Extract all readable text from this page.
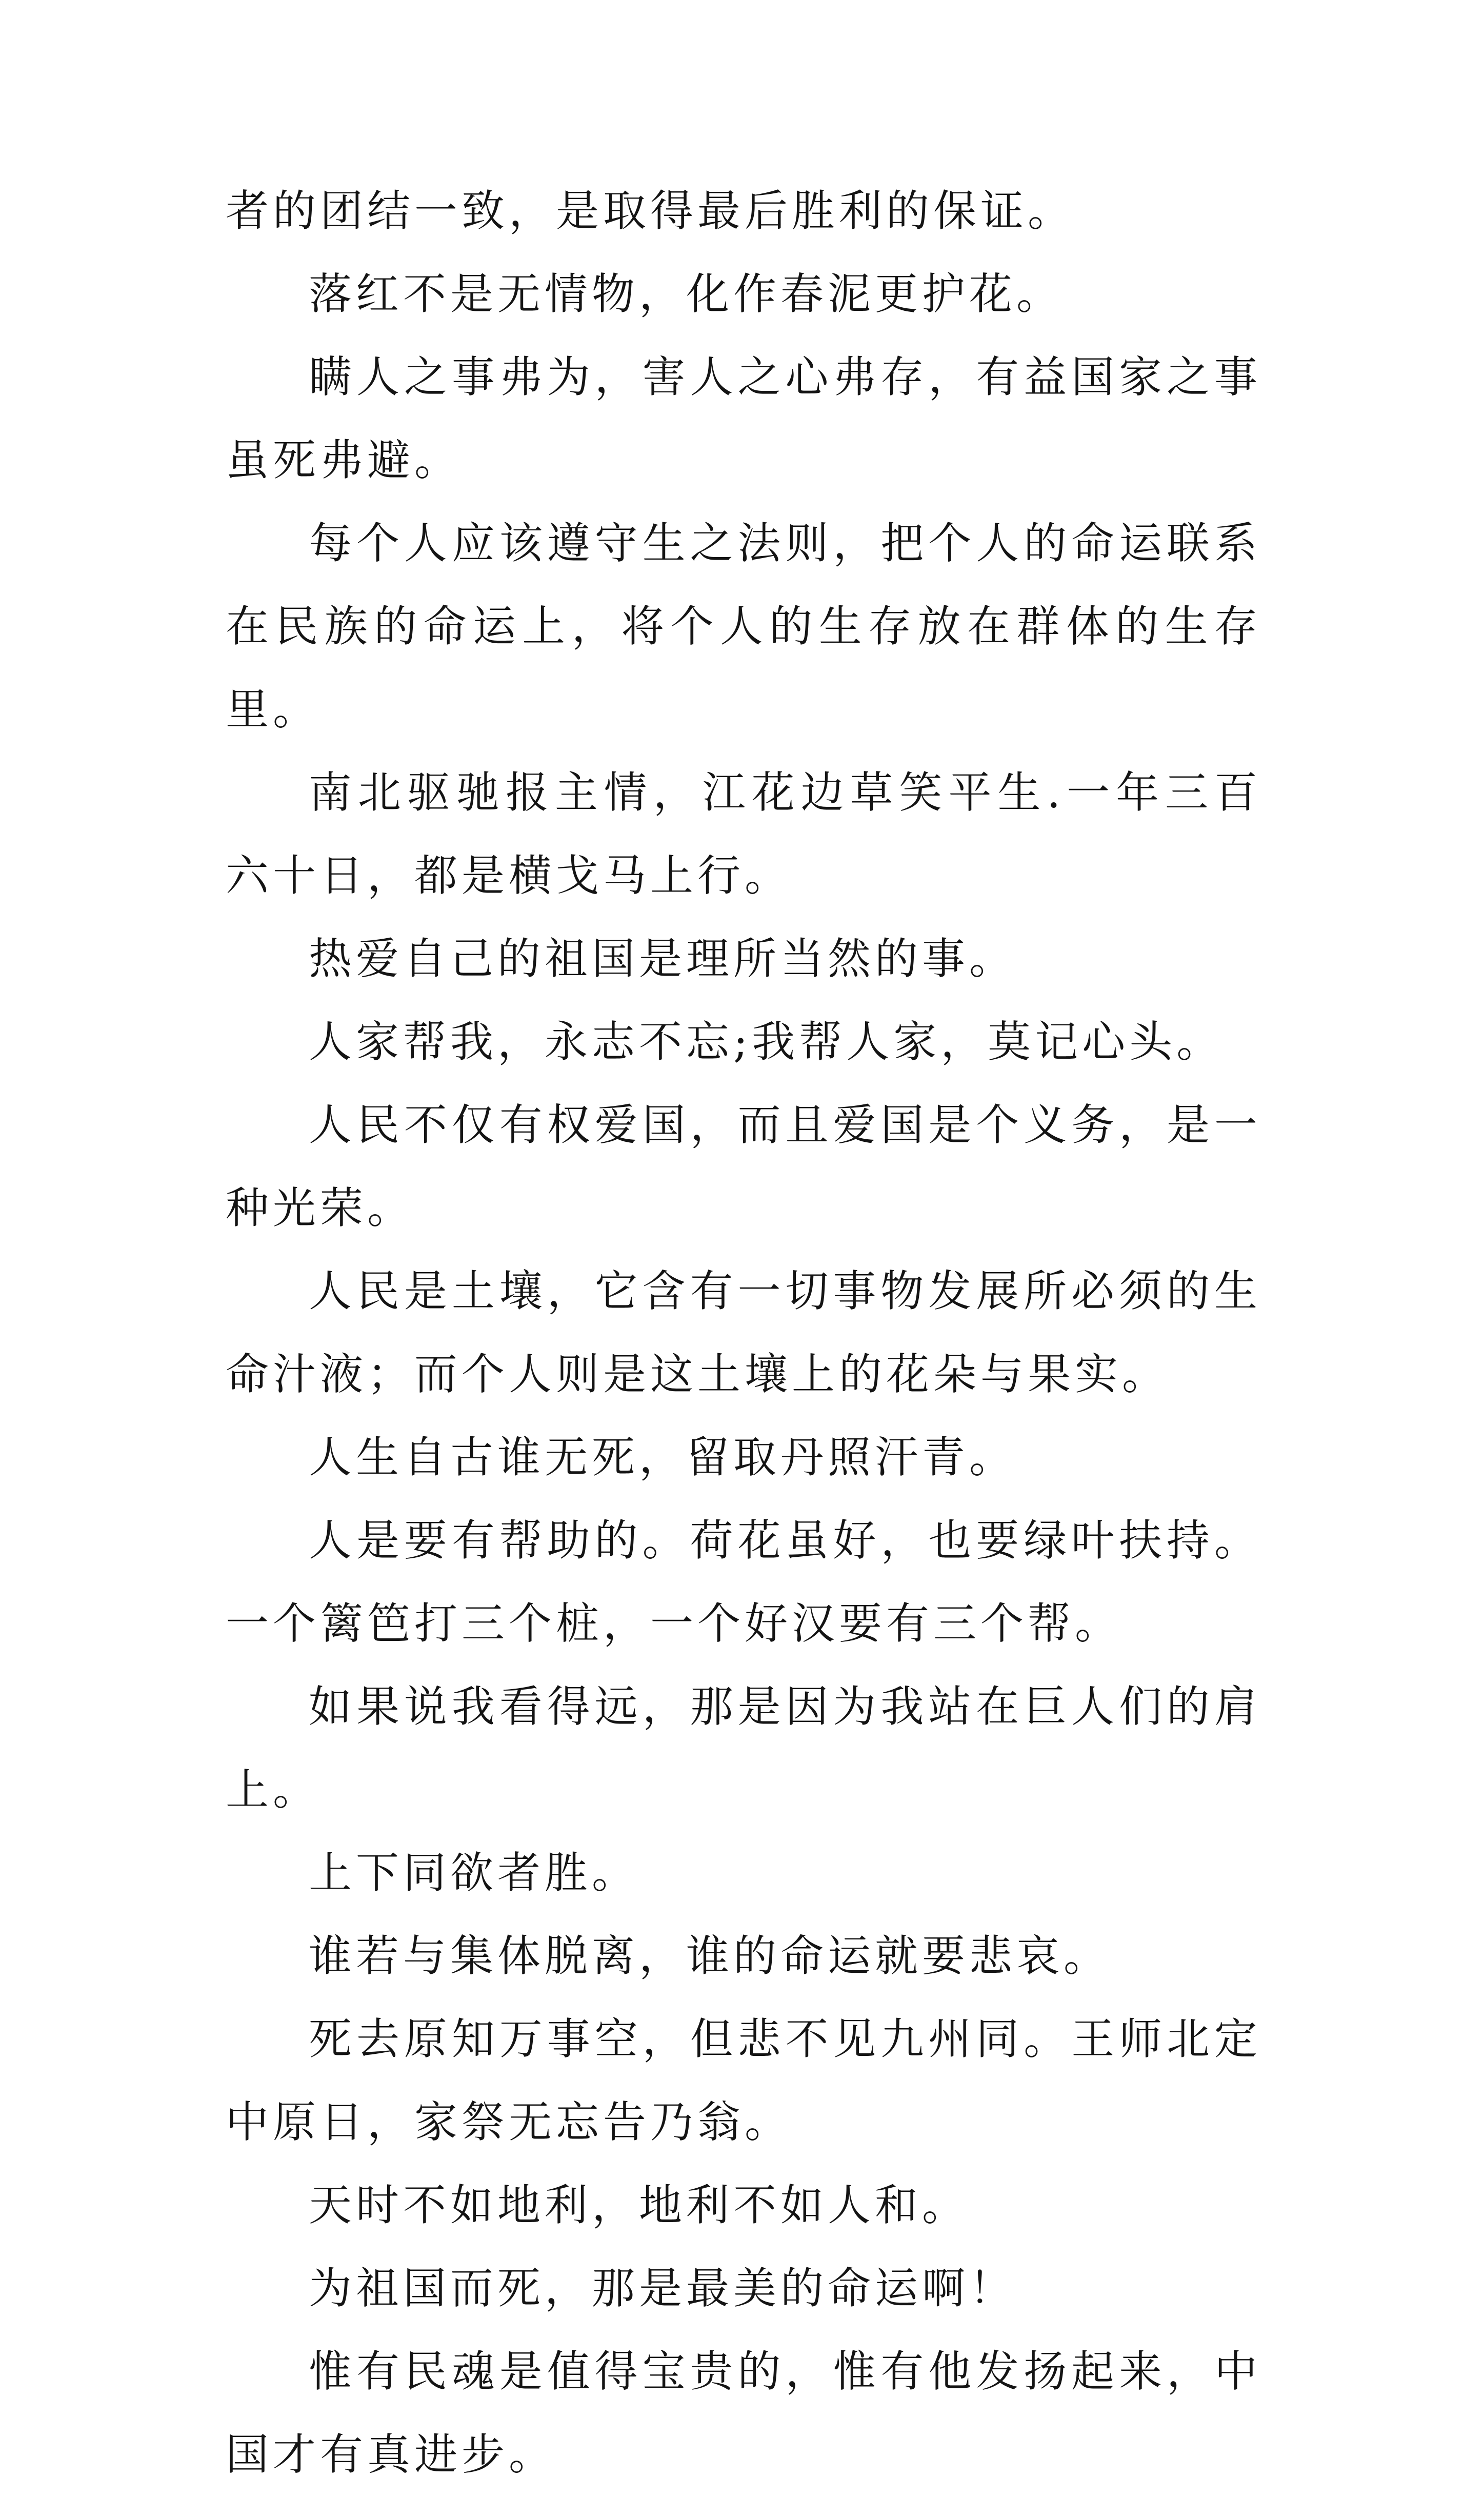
者的团结一致，是取得最后胜利的保证。

落红不是无情物，化作春泥更护花。

瞒人之事弗为，害人之心弗存，有益国家之事虽死弗避。

每个人应该遵守生之法则，把个人的命运联系在民族的命运上，将个人的生存放在群体的生存里。

南北驱驰报主情，江花边草笑平生.一年三百六十日，都是横戈马上行。

热爱自己的祖国是理所当然的事。

人家帮我，永志不忘;我帮人家，莫记心头。

人民不仅有权爱国，而且爱国是个义务，是一种光荣。

人民是土壤，它含有一切事物发展所必须的生命汁液；而个人则是这土壤上的花朵与果实。

人生自古谁无死，留取丹照汗青。

人是要有帮助的。荷花虽好，也要绿叶扶持。一个篱笆打三个桩，一个好汉要有三个帮。

如果说我看得远，那是因为我站在巨人们的肩上。

上下同欲者胜。

谁若与集体脱离，谁的命运就要悲哀。

死去原知万事空，但悲不见九州同。王师北定中原日，家祭无忘告乃翁。

天时不如地利，地利不如人和。

为祖国而死，那是最美的命运啊！

惟有民魂是值得宝贵的，惟有他发扬起来，中国才有真进步。
